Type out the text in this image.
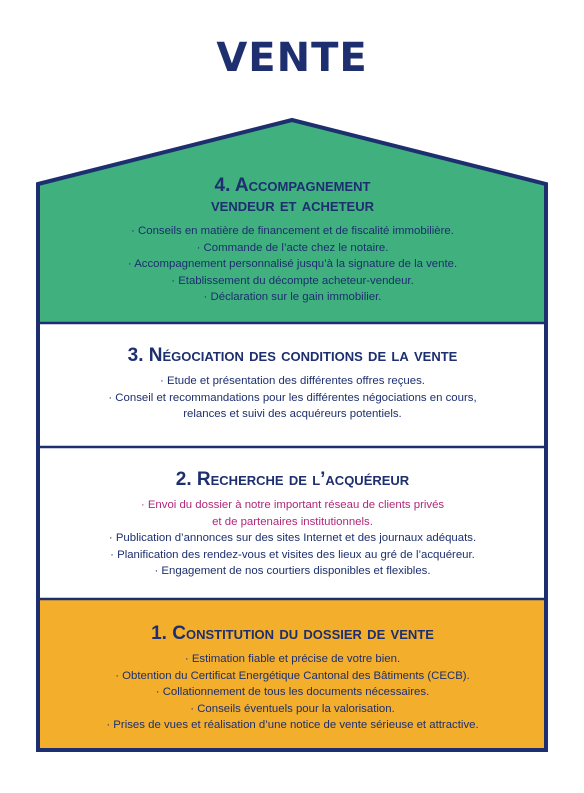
VENTE
4. Accompagnement
vendeur et acheteur
· Conseils en matière de financement et de fiscalité immobilière.
· Commande de l’acte chez le notaire.
· Accompagnement personnalisé jusqu’à la signature de la vente.
· Etablissement du décompte acheteur-vendeur.
· Déclaration sur le gain immobilier.
3. Négociation des conditions de la vente
· Etude et présentation des différentes offres reçues.
· Conseil et recommandations pour les différentes négociations en cours,
relances et suivi des acquéreurs potentiels.
2. Recherche de l’acquéreur
· Envoi du dossier à notre important réseau de clients privés
et de partenaires institutionnels.
· Publication d’annonces sur des sites Internet et des journaux adéquats.
· Planification des rendez-vous et visites des lieux au gré de l’acquéreur.
· Engagement de nos courtiers disponibles et flexibles.
1. Constitution du dossier de vente
· Estimation fiable et précise de votre bien.
· Obtention du Certificat Energétique Cantonal des Bâtiments (CECB).
· Collationnement de tous les documents nécessaires.
· Conseils éventuels pour la valorisation.
· Prises de vues et réalisation d’une notice de vente sérieuse et attractive.
